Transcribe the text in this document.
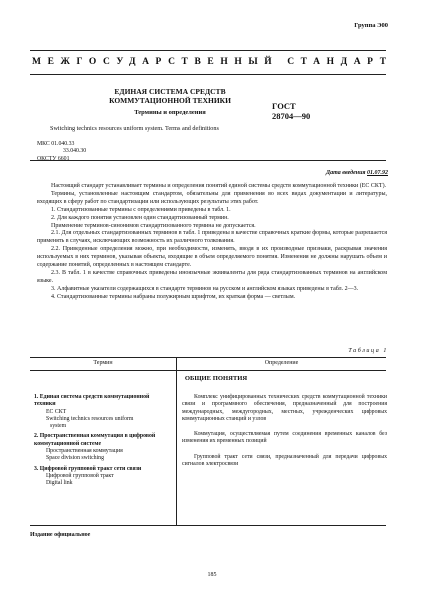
Группа Э00
МЕЖГОСУДАРСТВЕННЫЙ СТАНДАРТ
ЕДИНАЯ СИСТЕМА СРЕДСТВ
КОММУТАЦИОННОЙ ТЕХНИКИ
Термины и определения
Switching technics resources uniform system. Terms and definitions
ГОСТ
28704—90
МКС 01.040.33
33.040.30
ОКСТУ 6601
Дата введения 01.07.92

Настоящий стандарт устанавливает термины и определения понятий единой системы средств коммутационной техники (ЕС СКТ).

Термины, установленные настоящим стандартом, обязательны для применения во всех видах документации и литературы, входящих в сферу работ по стандартизации или использующих результаты этих работ.

1. Стандартизованные термины с определениями приведены в табл. 1.

2. Для каждого понятия установлен один стандартизованный термин.

Применение терминов-синонимов стандартизованного термина не допускается.

2.1. Для отдельных стандартизованных терминов в табл. 1 приведены в качестве справочных краткие формы, которые разрешается применять в случаях, исключающих возможность их различного толкования.

2.2. Приведенные определения можно, при необходимости, изменять, вводя в их производные признаки, раскрывая значения используемых в них терминов, указывая объекты, входящие в объем определяемого понятия. Изменения не должны нарушать объем и содержание понятий, определенных в настоящем стандарте.

2.3. В табл. 1 в качестве справочных приведены иноязычные эквиваленты для ряда стандартизованных терминов на английском языке.

3. Алфавитные указатели содержащихся в стандарте терминов на русском и английском языках приведены в табл. 2—3.

4. Стандартизованные термины набраны полужирным шрифтом, их краткая форма — светлым.

Таблица 1
Термин	Определение
ОБЩИЕ ПОНЯТИЯ
1. Единая система средств коммутационной техники
ЕС СКТ
Switching technics resources uniform
system
2. Пространственная коммутация в цифровой коммутационной системе
Пространственная коммутация
Space division switching
3. Цифровой групповой тракт сети связи
Цифровой групповой тракт
Digital link

Комплекс унифицированных технических средств коммутационной техники связи и программного обеспечения, предназначенный для построения международных, междугородных, местных, учрежденческих цифровых коммутационных станций и узлов

Коммутация, осуществляемая путем соединения временных каналов без изменения их временных позиций

Групповой тракт сети связи, предназначенный для передачи цифровых сигналов электросвязи

Издание официальное
185
